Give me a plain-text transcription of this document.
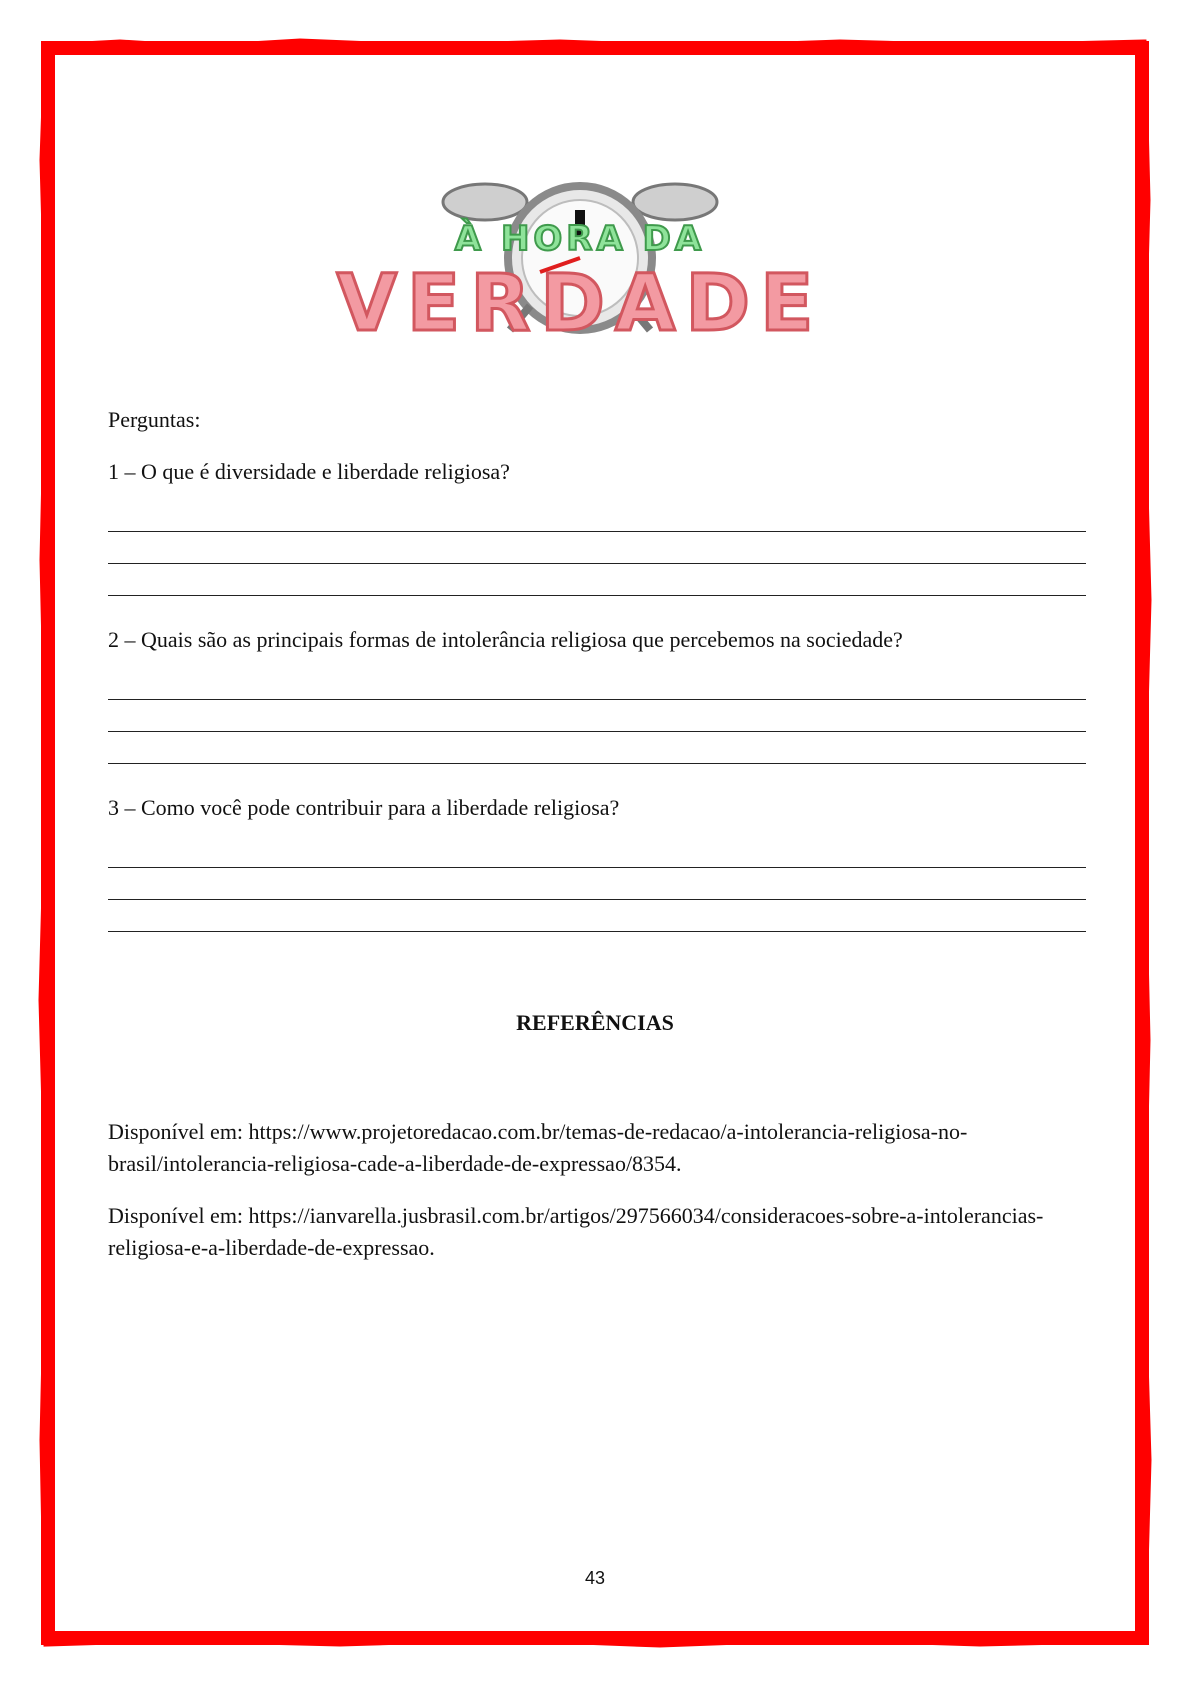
À HORA DA
VERDADE

Perguntas:

1 – O que é diversidade e liberdade religiosa?

2 – Quais são as principais formas de intolerância religiosa que percebemos na sociedade?

3 – Como você pode contribuir para a liberdade religiosa?

REFERÊNCIAS

Disponível em: https://www.projetoredacao.com.br/temas-de-redacao/a-intolerancia-religiosa-no-brasil/intolerancia-religiosa-cade-a-liberdade-de-expressao/8354.

Disponível em: https://ianvarella.jusbrasil.com.br/artigos/297566034/consideracoes-sobre-a-intolerancias-religiosa-e-a-liberdade-de-expressao.

43
